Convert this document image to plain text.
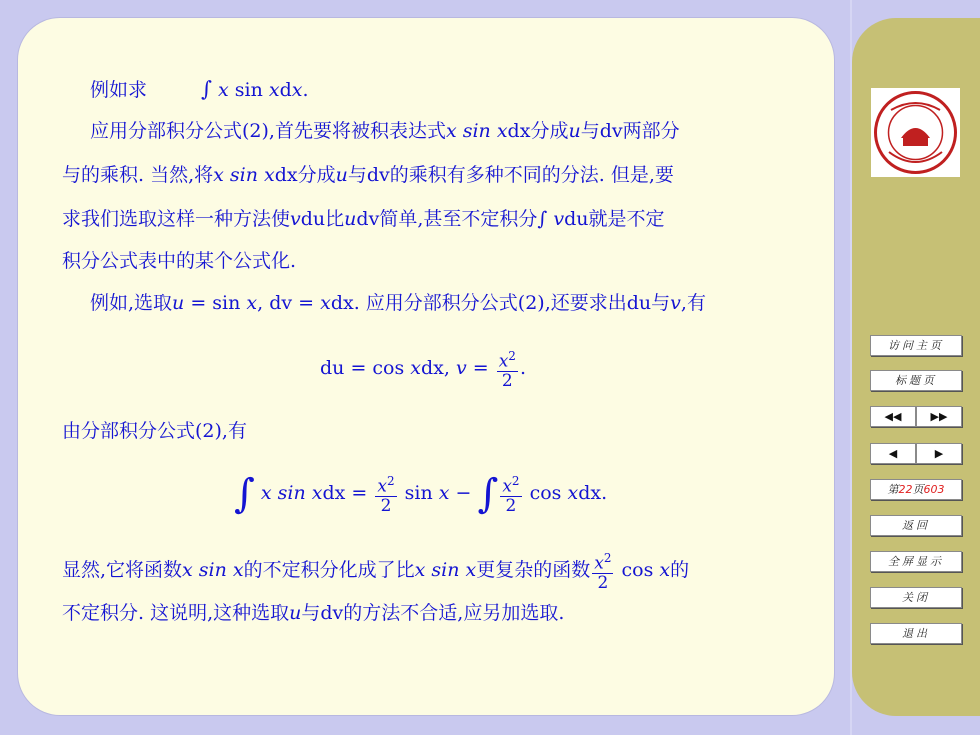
例如求	∫ x sin xdx.
应用分部积分公式(2),首先要将被积表达式x sin xdx分成u与dv两部分
与的乘积. 当然,将x sin xdx分成u与dv的乘积有多种不同的分法. 但是,要
求我们选取这样一种方法使vdu比udv简单,甚至不定积分∫ vdu就是不定
积分公式表中的某个公式化.
例如,选取u = sin x, dv = xdx. 应用分部积分公式(2),还要求出du与v,有
du = cos xdx, $v = \frac{x^2}{2}$ .
由分部积分公式(2),有
∫ x sin xdx = $\frac{x^2}{2}$ sin x − ∫ $\frac{x^2}{2}$ cos xdx.
显然,它将函数x sin x的不定积分化成了比x sin x更复杂的函数 $\frac{x^2}{2}$ cos x的
不定积分. 这说明,这种选取u与dv的方法不合适,应另加选取.
访问主页
标题页
◀◀	▶▶
◀	▶
第22页603
返回
全屏显示
关闭
退出
